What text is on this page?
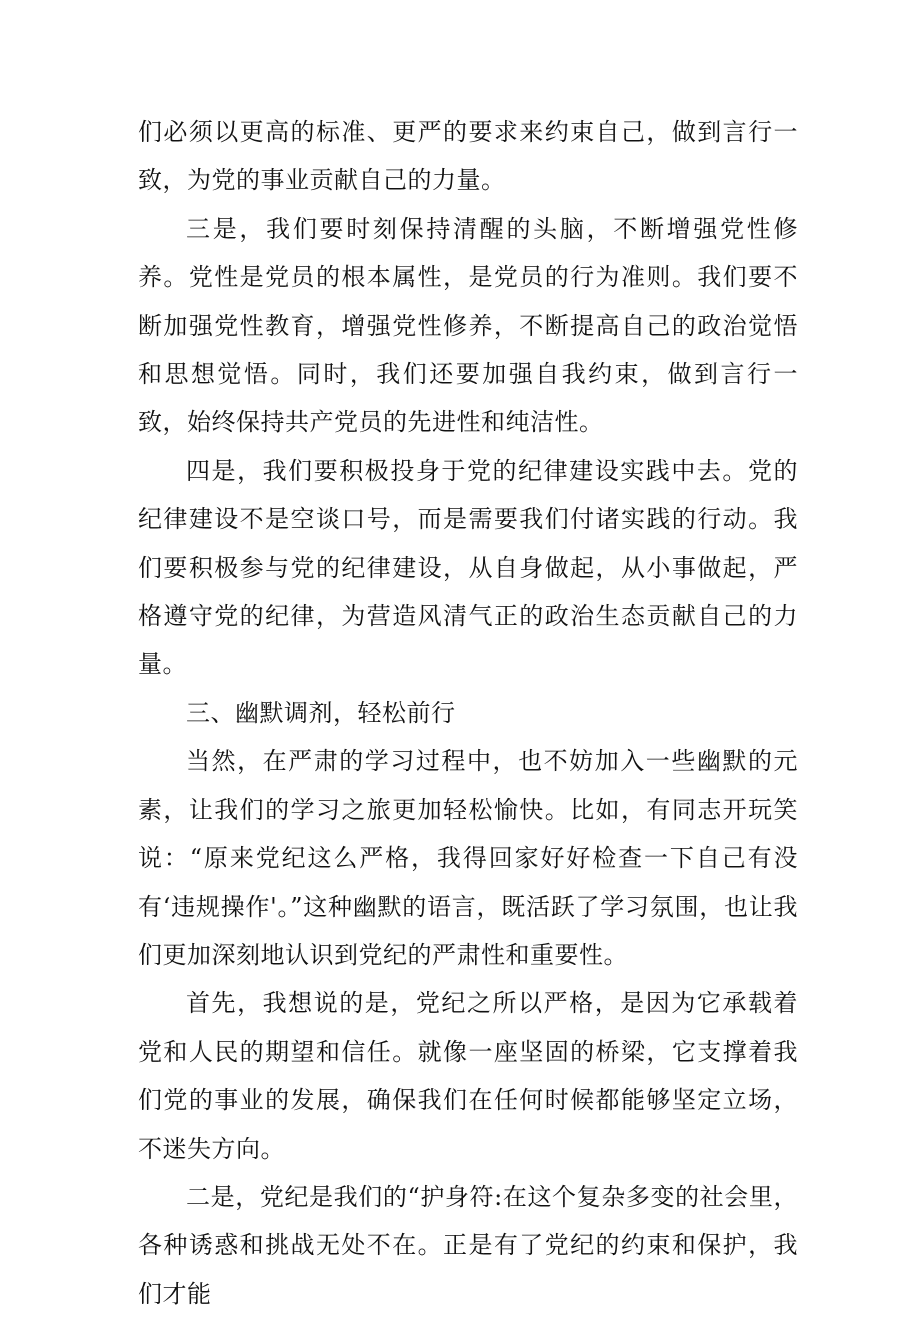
们必须以更高的标准、更严的要求来约束自己，做到言行一致，为党的事业贡献自己的力量。

三是，我们要时刻保持清醒的头脑，不断增强党性修养。党性是党员的根本属性，是党员的行为准则。我们要不断加强党性教育，增强党性修养，不断提高自己的政治觉悟和思想觉悟。同时，我们还要加强自我约束，做到言行一致，始终保持共产党员的先进性和纯洁性。

四是，我们要积极投身于党的纪律建设实践中去。党的纪律建设不是空谈口号，而是需要我们付诸实践的行动。我们要积极参与党的纪律建设，从自身做起，从小事做起，严格遵守党的纪律，为营造风清气正的政治生态贡献自己的力量。

三、幽默调剂，轻松前行

当然，在严肃的学习过程中，也不妨加入一些幽默的元素，让我们的学习之旅更加轻松愉快。比如，有同志开玩笑说：“原来党纪这么严格，我得回家好好检查一下自己有没有‘违规操作'。”这种幽默的语言，既活跃了学习氛围，也让我们更加深刻地认识到党纪的严肃性和重要性。

首先，我想说的是，党纪之所以严格，是因为它承载着党和人民的期望和信任。就像一座坚固的桥梁，它支撑着我们党的事业的发展，确保我们在任何时候都能够坚定立场，不迷失方向。

二是，党纪是我们的“护身符:在这个复杂多变的社会里，各种诱惑和挑战无处不在。正是有了党纪的约束和保护，我们才能
